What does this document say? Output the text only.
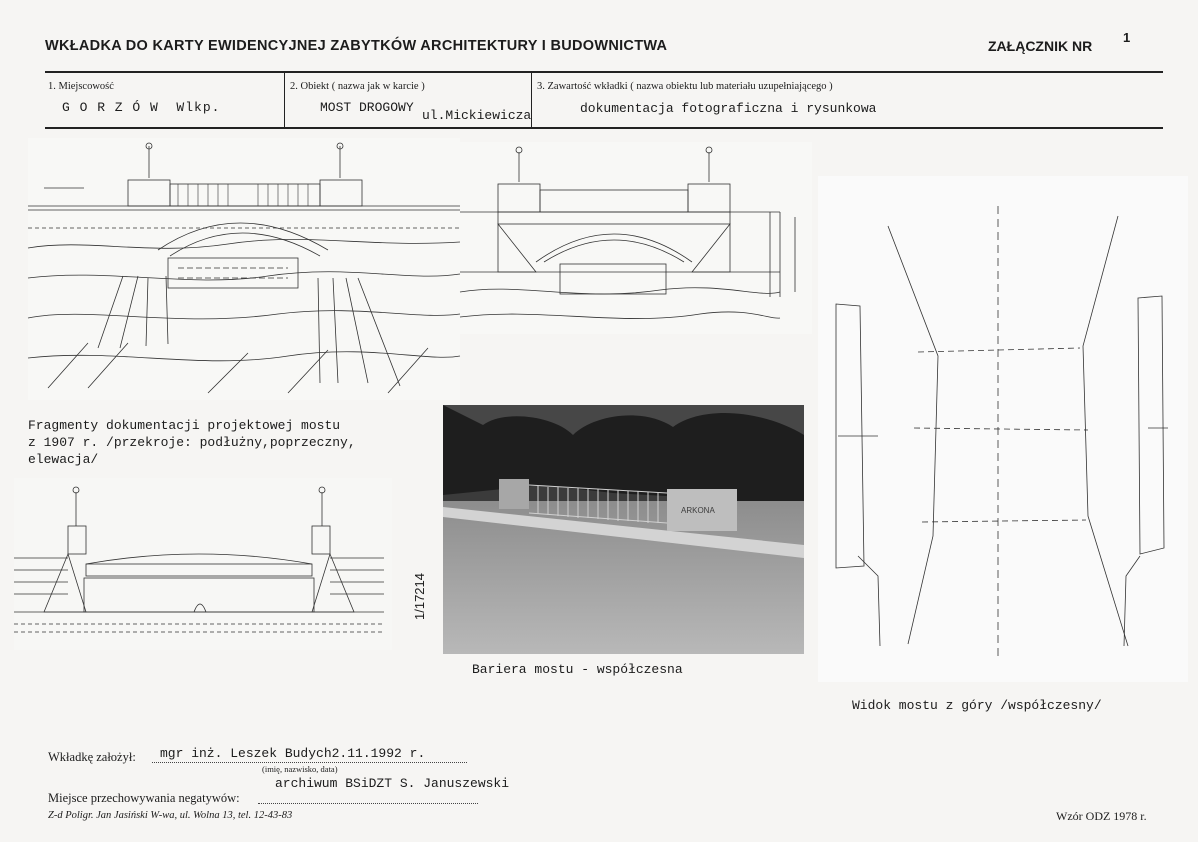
WKŁADKA DO KARTY EWIDENCYJNEJ ZABYTKÓW ARCHITEKTURY I BUDOWNICTWA	ZAŁĄCZNIK NR
1
1. Miejscowość
G O R Z Ó W  Wlkp.
2. Obiekt ( nazwa jak w karcie )
MOST DROGOWY
ul.Mickiewicza
3. Zawartość wkładki ( nazwa obiektu lub materiału uzupełniającego )
dokumentacja fotograficzna i rysunkowa
Fragmenty dokumentacji projektowej mostu
z 1907 r. /przekroje: podłużny,poprzeczny,
elewacja/
ARKONA
1/17214
Bariera mostu - współczesna
Widok mostu z góry /współczesny/
Wkładkę założył: mgr inż. Leszek Budych2.11.1992 r.
(imię, nazwisko, data)
archiwum BSiDZT S. Januszewski
Miejsce przechowywania negatywów:
Z-d Poligr. Jan Jasiński W-wa, ul. Wolna 13, tel. 12-43-83	Wzór ODZ 1978 r.
